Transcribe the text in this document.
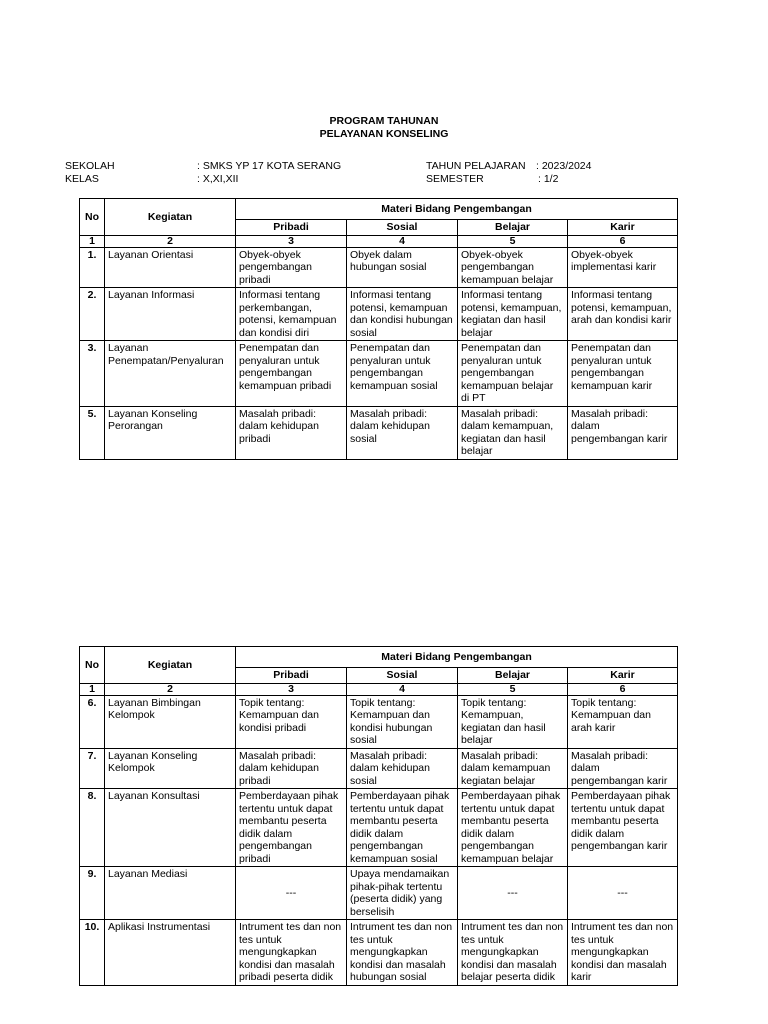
PROGRAM TAHUNAN
PELAYANAN KONSELING
SEKOLAH	: SMKS YP 17 KOTA SERANG
KELAS	: X,XI,XII
TAHUN PELAJARAN : 2023/2024
SEMESTER	: 1/2
No	Kegiatan	Materi Bidang Pengembangan			
		Pribadi	Sosial	Belajar	Karir
1	2	3	4	5	6
1.	Layanan Orientasi	Obyek-obyek pengembangan pribadi	Obyek dalam hubungan sosial	Obyek-obyek pengembangan kemampuan belajar	Obyek-obyek implementasi karir
2.	Layanan Informasi	Informasi tentang perkembangan, potensi, kemampuan dan kondisi diri	Informasi tentang potensi, kemampuan dan kondisi hubungan sosial	Informasi tentang potensi, kemampuan, kegiatan dan hasil belajar	Informasi tentang potensi, kemampuan, arah dan kondisi karir
3.	Layanan Penempatan/Penyaluran	Penempatan dan penyaluran untuk pengembangan kemampuan pribadi	Penempatan dan penyaluran untuk pengembangan kemampuan sosial	Penempatan dan penyaluran untuk pengembangan kemampuan belajar di PT	Penempatan dan penyaluran untuk pengembangan kemampuan karir
5.	Layanan Konseling Perorangan	Masalah pribadi: dalam kehidupan pribadi	Masalah pribadi: dalam kehidupan sosial	Masalah pribadi: dalam kemampuan, kegiatan dan hasil belajar	Masalah pribadi: dalam pengembangan karir
No	Kegiatan	Materi Bidang Pengembangan			
		Pribadi	Sosial	Belajar	Karir
1	2	3	4	5	6
6.	Layanan Bimbingan Kelompok	Topik tentang: Kemampuan dan kondisi pribadi	Topik tentang: Kemampuan dan kondisi hubungan sosial	Topik tentang: Kemampuan, kegiatan dan hasil belajar	Topik tentang: Kemampuan dan arah karir
7.	Layanan Konseling Kelompok	Masalah pribadi: dalam kehidupan pribadi	Masalah pribadi: dalam kehidupan sosial	Masalah pribadi: dalam kemampuan kegiatan belajar	Masalah pribadi: dalam pengembangan karir
8.	Layanan Konsultasi	Pemberdayaan pihak tertentu untuk dapat membantu peserta didik dalam pengembangan pribadi	Pemberdayaan pihak tertentu untuk dapat membantu peserta didik dalam pengembangan kemampuan sosial	Pemberdayaan pihak tertentu untuk dapat membantu peserta didik dalam pengembangan kemampuan belajar	Pemberdayaan pihak tertentu untuk dapat membantu peserta didik dalam pengembangan karir
9.	Layanan Mediasi	---	Upaya mendamaikan pihak-pihak tertentu (peserta didik) yang berselisih	---	---
10.	Aplikasi Instrumentasi	Intrument tes dan non tes untuk mengungkapkan kondisi dan masalah pribadi peserta didik	Intrument tes dan non tes untuk mengungkapkan kondisi dan masalah hubungan sosial	Intrument tes dan non tes untuk mengungkapkan kondisi dan masalah belajar peserta didik	Intrument tes dan non tes untuk mengungkapkan kondisi dan masalah karir
